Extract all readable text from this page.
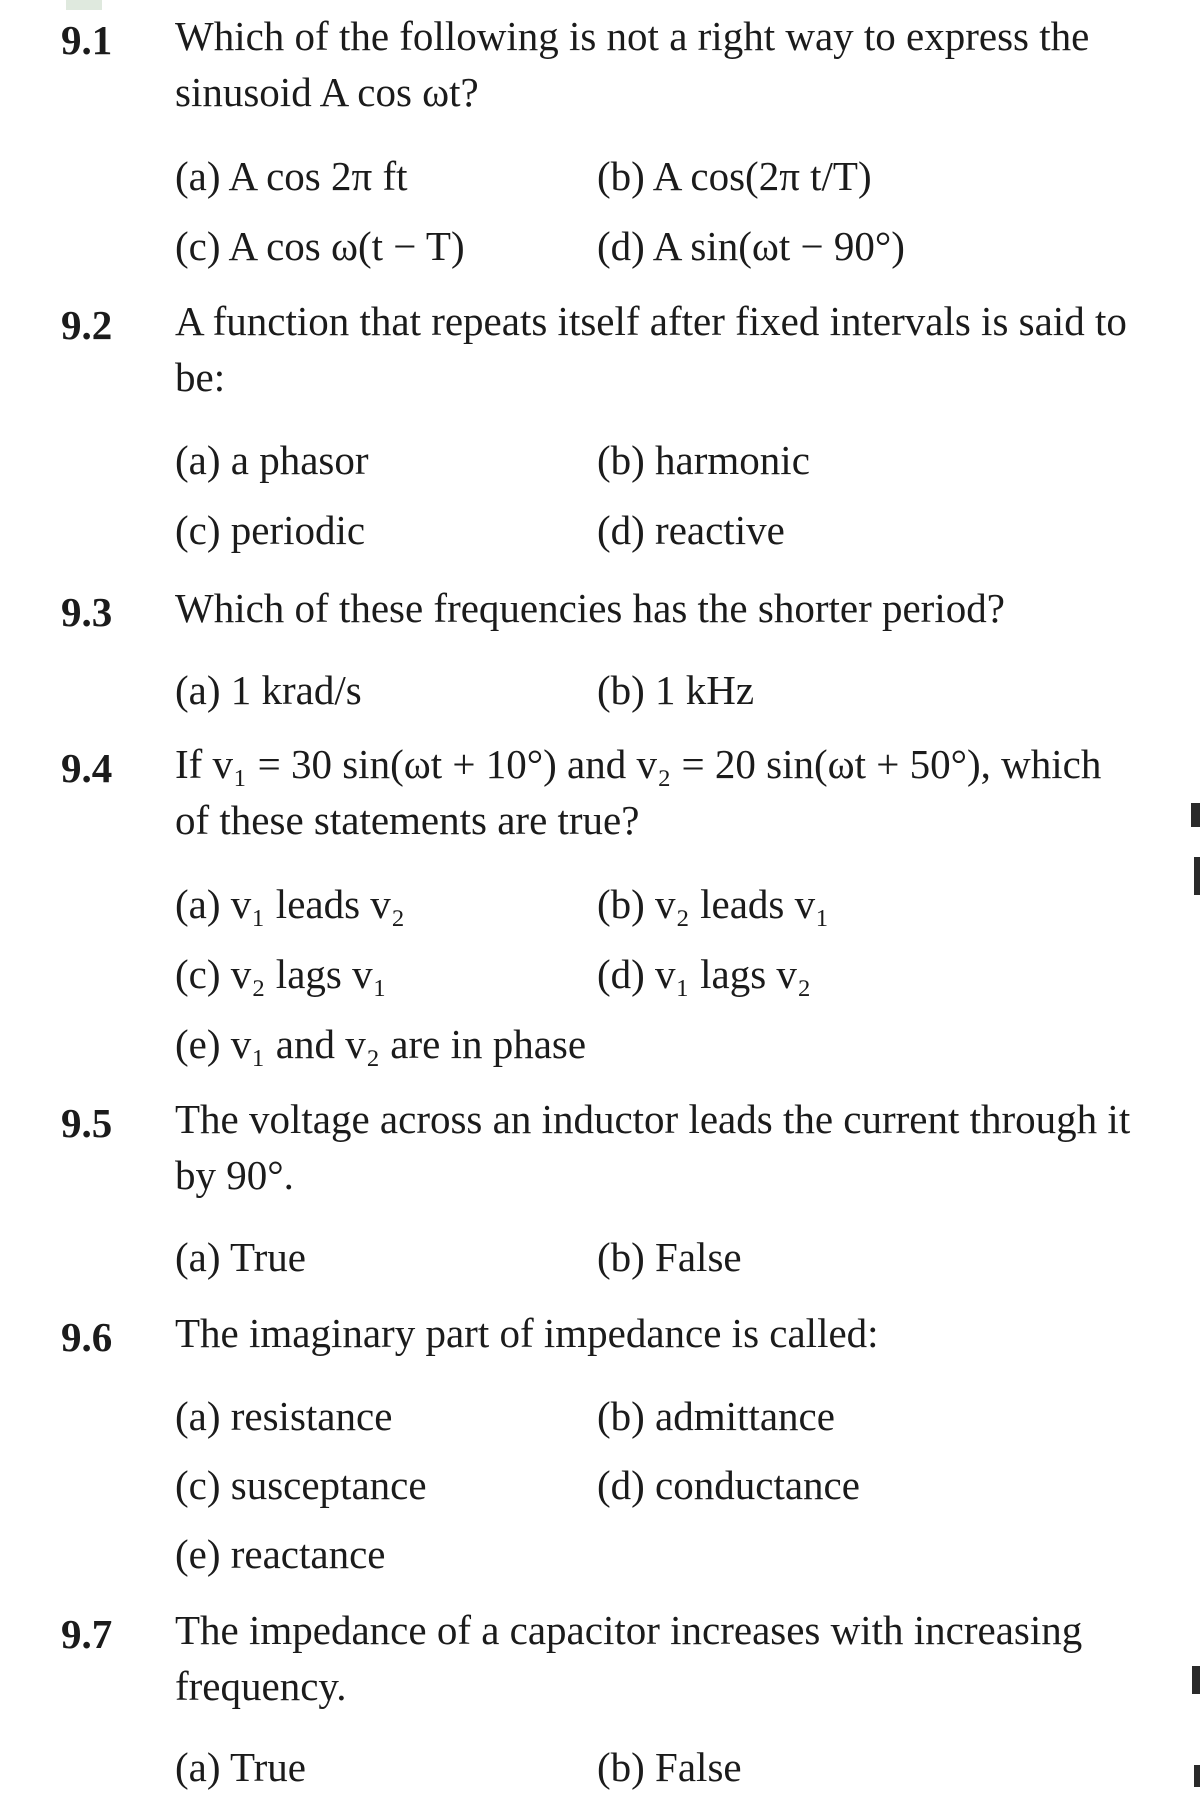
9.1 Which of the following is not a right way to express the sinusoid A cos ωt?
(a) A cos 2π ft	(b) A cos(2π t/T)
(c) A cos ω(t − T)	(d) A sin(ωt − 90°)
9.2 A function that repeats itself after fixed intervals is said to be:
(a) a phasor	(b) harmonic
(c) periodic	(d) reactive
9.3 Which of these frequencies has the shorter period?
(a) 1 krad/s	(b) 1 kHz
9.4 If v₁ = 30 sin(ωt + 10°) and v₂ = 20 sin(ωt + 50°), which of these statements are true?
(a) v₁ leads v₂	(b) v₂ leads v₁
(c) v₂ lags v₁	(d) v₁ lags v₂
(e) v₁ and v₂ are in phase
9.5 The voltage across an inductor leads the current through it by 90°.
(a) True	(b) False
9.6 The imaginary part of impedance is called:
(a) resistance	(b) admittance
(c) susceptance	(d) conductance
(e) reactance
9.7 The impedance of a capacitor increases with increasing frequency.
(a) True	(b) False
